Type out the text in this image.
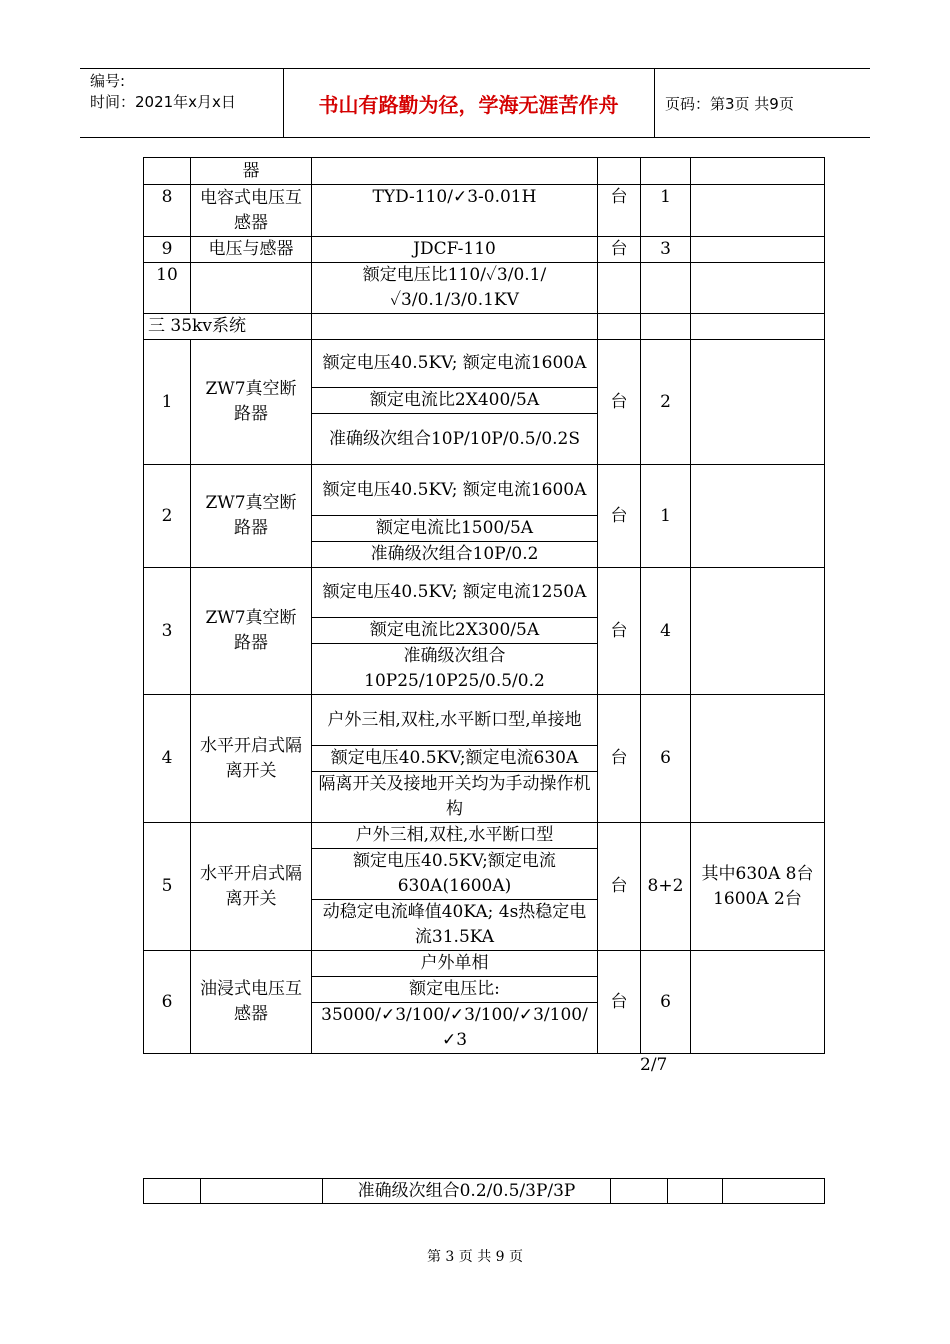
编号:
时间：2021年x月x日	书山有路勤为径，学海无涯苦作舟	页码：第3页 共9页
	器				
8	电容式电压互感器	TYD-110/✓3-0.01H	台	1	
9	电压与感器	JDCF-110	台	3	
10		额定电压比110/✓3/0.1/✓3/0.1/3/0.1KV			
三 35kv系统					
1	ZW7真空断路器	额定电压40.5KV; 额定电流1600A	台	2	
		额定电流比2X400/5A			
		准确级次组合10P/10P/0.5/0.2S			
2	ZW7真空断路器	额定电压40.5KV; 额定电流1600A	台	1	
		额定电流比1500/5A			
		准确级次组合10P/0.2			
3	ZW7真空断路器	额定电压40.5KV; 额定电流1250A	台	4	
		额定电流比2X300/5A			
		准确级次组合10P25/10P25/0.5/0.2			
4	水平开启式隔离开关	户外三相,双柱,水平断口型,单接地	台	6	
		额定电压40.5KV;额定电流630A			
		隔离开关及接地开关均为手动操作机构			
5	水平开启式隔离开关	户外三相,双柱,水平断口型	台	8+2	其中630A 8台 1600A 2台
		额定电压40.5KV;额定电流630A(1600A)			
		动稳定电流峰值40KA; 4s热稳定电流31.5KA			
6	油浸式电压互感器	户外单相	台	6	
		额定电压比:			
		35000/✓3/100/✓3/100/✓3/100/✓3			
2/7
		准确级次组合0.2/0.5/3P/3P			
第 3 页 共 9 页
